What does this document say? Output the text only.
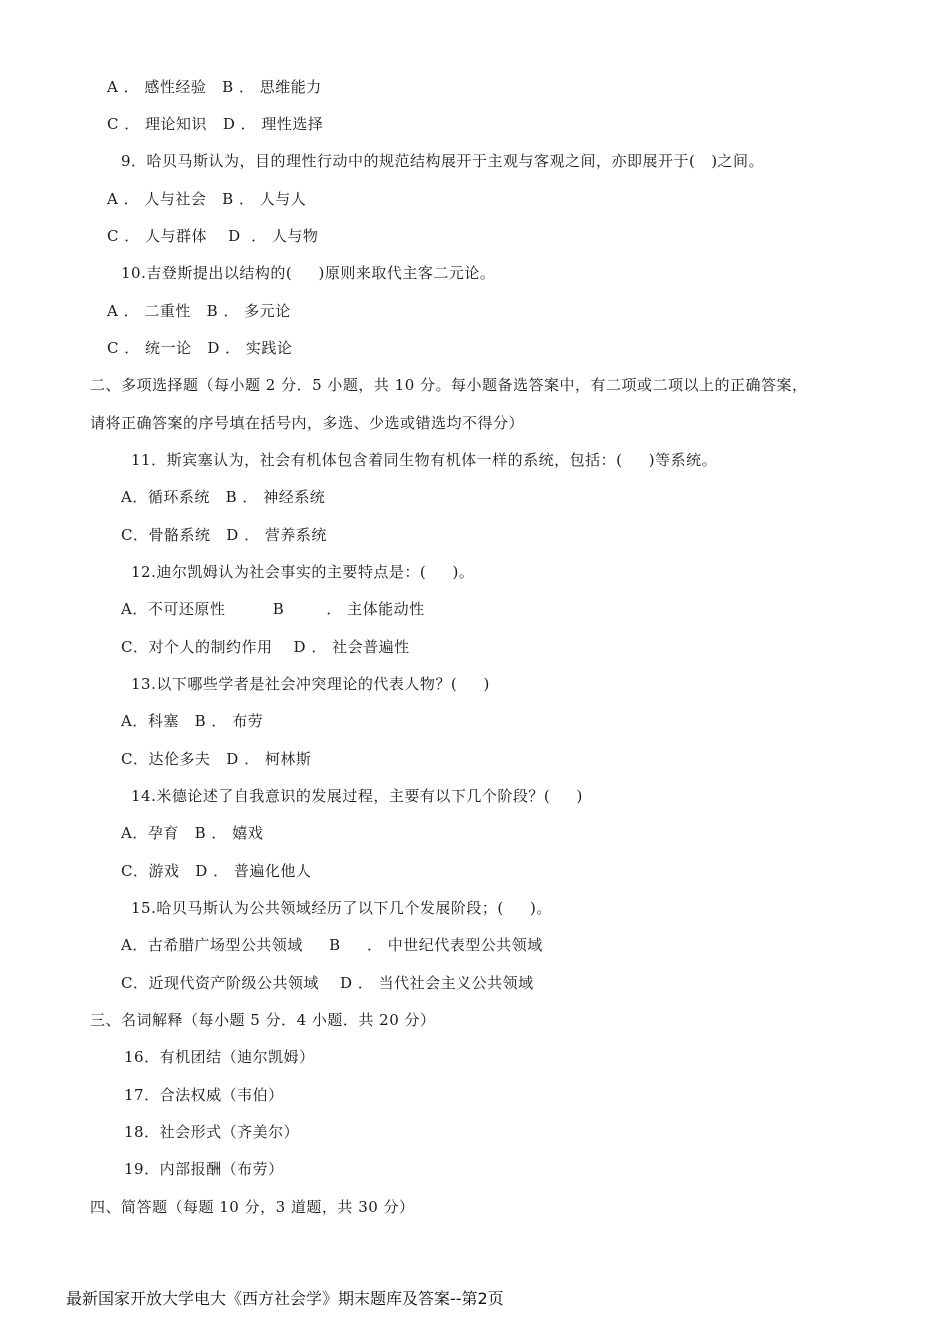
A ． 感性经验   B ． 思维能力
C ． 理论知识   D ． 理性选择
9．哈贝马斯认为，目的理性行动中的规范结构展开于主观与客观之间，亦即展开于(   )之间。
A ． 人与社会   B ． 人与人
C ． 人与群体    D  ． 人与物
10.吉登斯提出以结构的(     )原则来取代主客二元论。
A ． 二重性   B ． 多元论
C ． 统一论   D ． 实践论
二、多项选择题（每小题 2 分．5 小题，共 10 分。每小题备选答案中，有二项或二项以上的正确答案，
请将正确答案的序号填在括号内，多选、少选或错选均不得分）
11．斯宾塞认为，社会有机体包含着同生物有机体一样的系统，包括：(     )等系统。
A．循环系统   B ． 神经系统
C．骨骼系统   D ． 营养系统
12.迪尔凯姆认为社会事实的主要特点是：(     )。
A．不可还原性         B        ． 主体能动性
C．对个人的制约作用    D ． 社会普遍性
13.以下哪些学者是社会冲突理论的代表人物？(     )
A．科塞   B ． 布劳
C．达伦多夫   D ． 柯林斯
14.米德论述了自我意识的发展过程，主要有以下几个阶段？(     )
A．孕育   B ． 嬉戏
C．游戏   D ． 普遍化他人
15.哈贝马斯认为公共领域经历了以下几个发展阶段；(     )。
A．古希腊广场型公共领域     B     ． 中世纪代表型公共领域
C．近现代资产阶级公共领域    D ． 当代社会主义公共领域
三、名词解释（每小题 5 分．4 小题．共 20 分）
16．有机团结（迪尔凯姆）
17．合法权威（韦伯）
18．社会形式（齐美尔）
19．内部报酬（布劳）
四、简答题（每题 10 分，3 道题，共 30 分）
最新国家开放大学电大《西方社会学》期末题库及答案--第2页
